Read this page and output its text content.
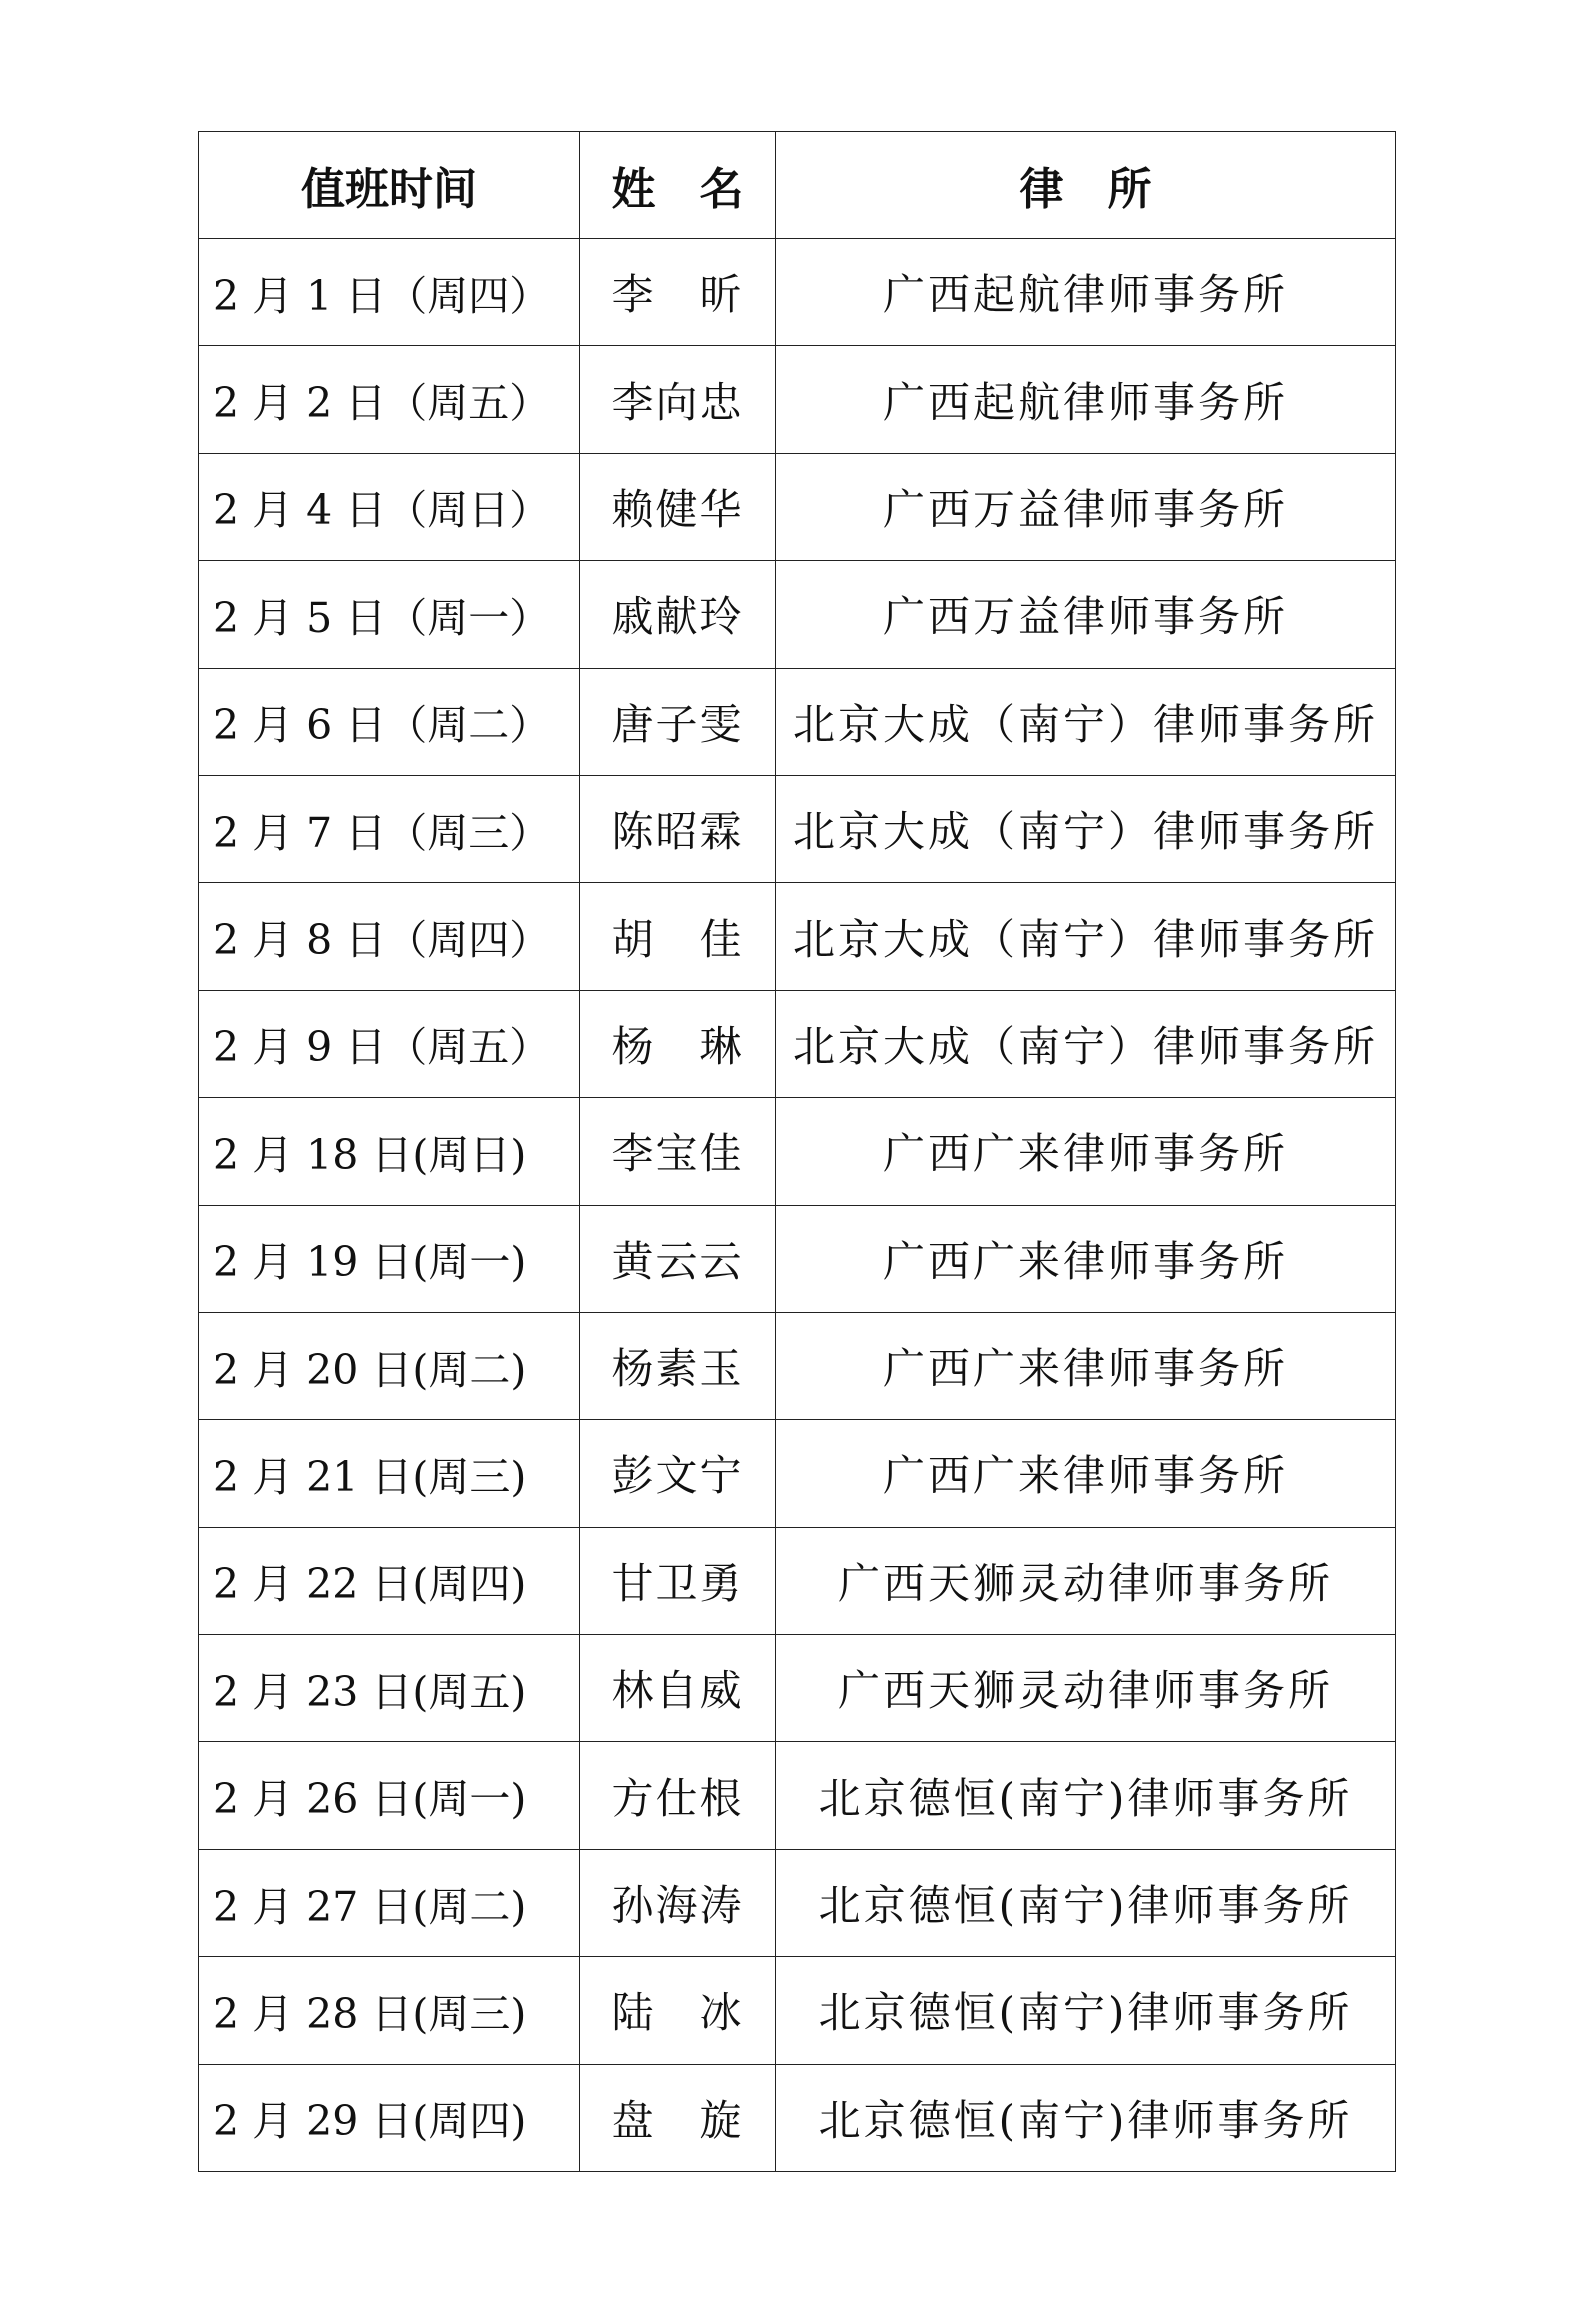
值班时间	姓　名	律　所
2 月 1 日（周四）	李　昕	广西起航律师事务所
2 月 2 日（周五）	李向忠	广西起航律师事务所
2 月 4 日（周日）	赖健华	广西万益律师事务所
2 月 5 日（周一）	戚献玲	广西万益律师事务所
2 月 6 日（周二）	唐子雯	北京大成（南宁）律师事务所
2 月 7 日（周三）	陈昭霖	北京大成（南宁）律师事务所
2 月 8 日（周四）	胡　佳	北京大成（南宁）律师事务所
2 月 9 日（周五）	杨　琳	北京大成（南宁）律师事务所
2 月 18 日(周日)	李宝佳	广西广来律师事务所
2 月 19 日(周一)	黄云云	广西广来律师事务所
2 月 20 日(周二)	杨素玉	广西广来律师事务所
2 月 21 日(周三)	彭文宁	广西广来律师事务所
2 月 22 日(周四)	甘卫勇	广西天狮灵动律师事务所
2 月 23 日(周五)	林自威	广西天狮灵动律师事务所
2 月 26 日(周一)	方仕根	北京德恒(南宁)律师事务所
2 月 27 日(周二)	孙海涛	北京德恒(南宁)律师事务所
2 月 28 日(周三)	陆　冰	北京德恒(南宁)律师事务所
2 月 29 日(周四)	盘　旋	北京德恒(南宁)律师事务所
